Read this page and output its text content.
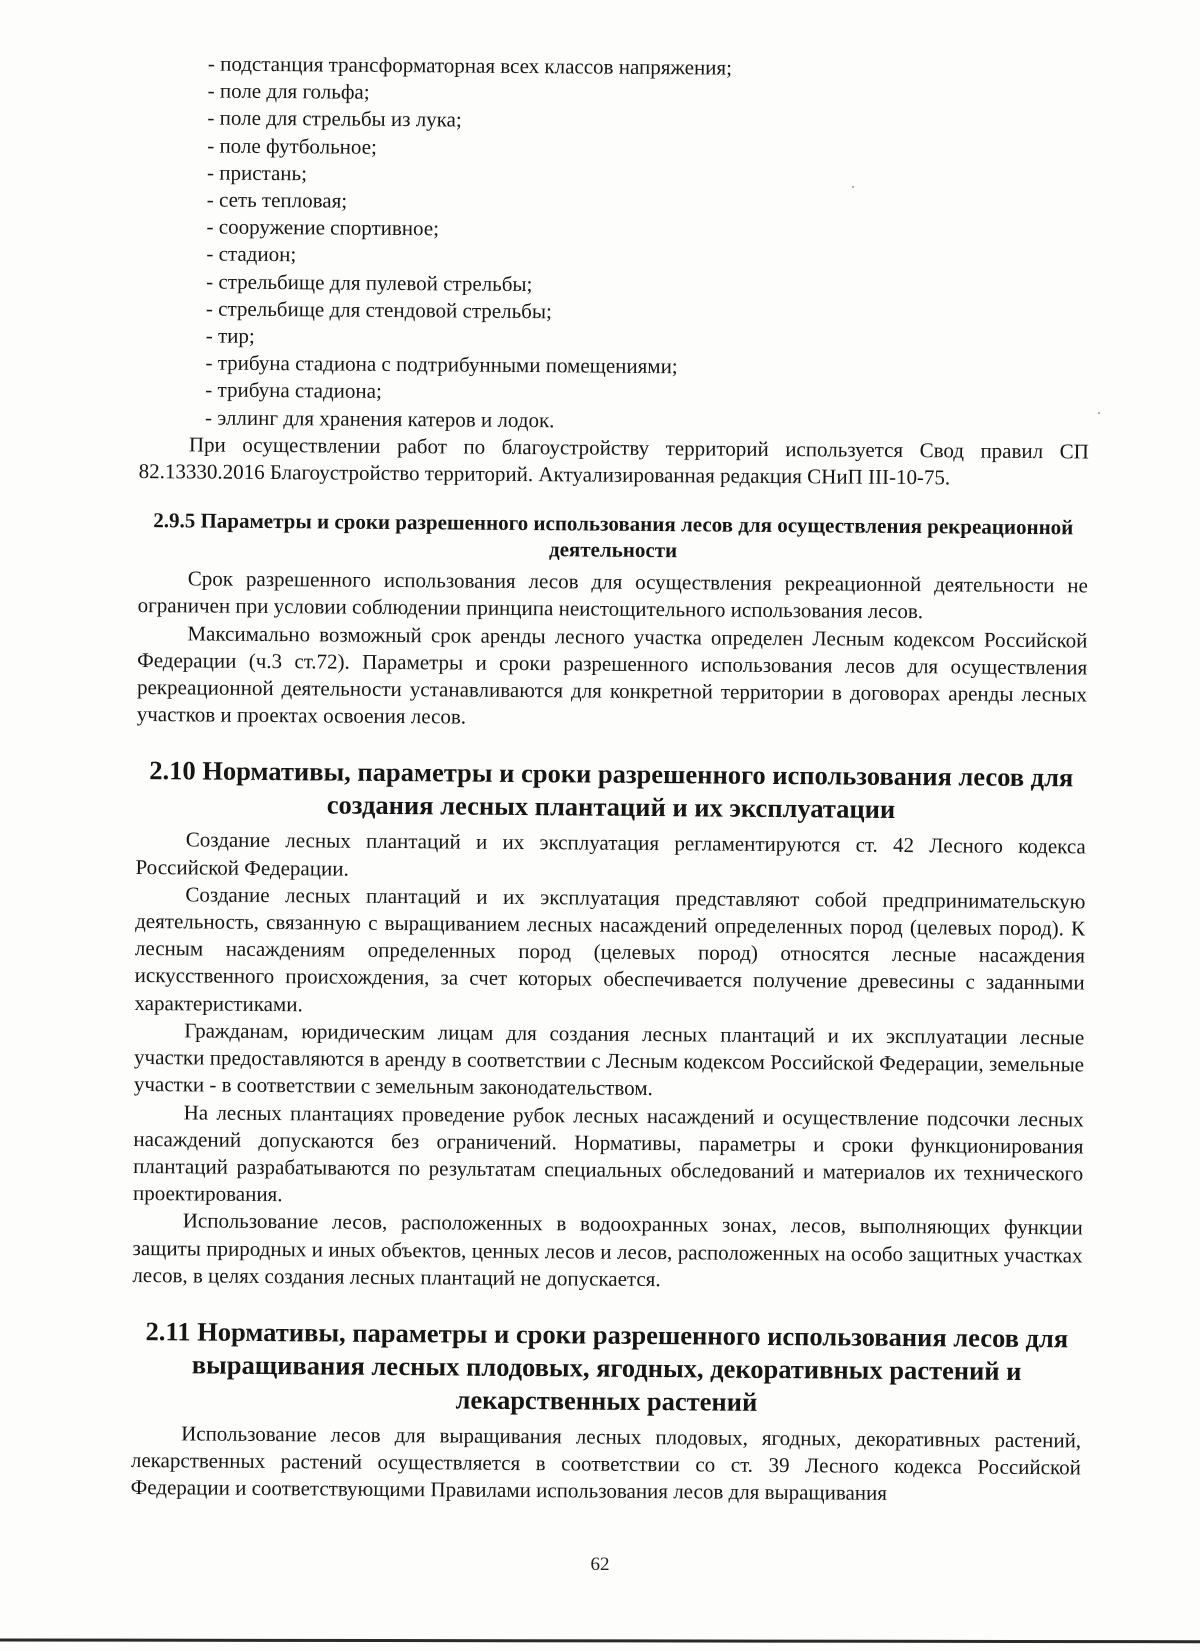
- подстанция трансформаторная всех классов напряжения;
- поле для гольфа;
- поле для стрельбы из лука;
- поле футбольное;
- пристань;
- сеть тепловая;
- сооружение спортивное;
- стадион;
- стрельбище для пулевой стрельбы;
- стрельбище для стендовой стрельбы;
- тир;
- трибуна стадиона с подтрибунными помещениями;
- трибуна стадиона;
- эллинг для хранения катеров и лодок.

При осуществлении работ по благоустройству территорий используется Свод правил СП 82.13330.2016 Благоустройство территорий. Актуализированная редакция СНиП III-10-75.

2.9.5 Параметры и сроки разрешенного использования лесов для осуществления рекреационной деятельности

Срок разрешенного использования лесов для осуществления рекреационной деятельности не ограничен при условии соблюдении принципа неистощительного использования лесов.

Максимально возможный срок аренды лесного участка определен Лесным кодексом Российской Федерации (ч.3 ст.72). Параметры и сроки разрешенного использования лесов для осуществления рекреационной деятельности устанавливаются для конкретной территории в договорах аренды лесных участков и проектах освоения лесов.

2.10 Нормативы, параметры и сроки разрешенного использования лесов для создания лесных плантаций и их эксплуатации

Создание лесных плантаций и их эксплуатация регламентируются ст. 42 Лесного кодекса Российской Федерации.

Создание лесных плантаций и их эксплуатация представляют собой предпринимательскую деятельность, связанную с выращиванием лесных насаждений определенных пород (целевых пород). К лесным насаждениям определенных пород (целевых пород) относятся лесные насаждения искусственного происхождения, за счет которых обеспечивается получение древесины с заданными характеристиками.

Гражданам, юридическим лицам для создания лесных плантаций и их эксплуатации лесные участки предоставляются в аренду в соответствии с Лесным кодексом Российской Федерации, земельные участки - в соответствии с земельным законодательством.

На лесных плантациях проведение рубок лесных насаждений и осуществление подсочки лесных насаждений допускаются без ограничений. Нормативы, параметры и сроки функционирования плантаций разрабатываются по результатам специальных обследований и материалов их технического проектирования.

Использование лесов, расположенных в водоохранных зонах, лесов, выполняющих функции защиты природных и иных объектов, ценных лесов и лесов, расположенных на особо защитных участках лесов, в целях создания лесных плантаций не допускается.

2.11 Нормативы, параметры и сроки разрешенного использования лесов для выращивания лесных плодовых, ягодных, декоративных растений и лекарственных растений

Использование лесов для выращивания лесных плодовых, ягодных, декоративных растений, лекарственных растений осуществляется в соответствии со ст. 39 Лесного кодекса Российской Федерации и соответствующими Правилами использования лесов для выращивания

62
